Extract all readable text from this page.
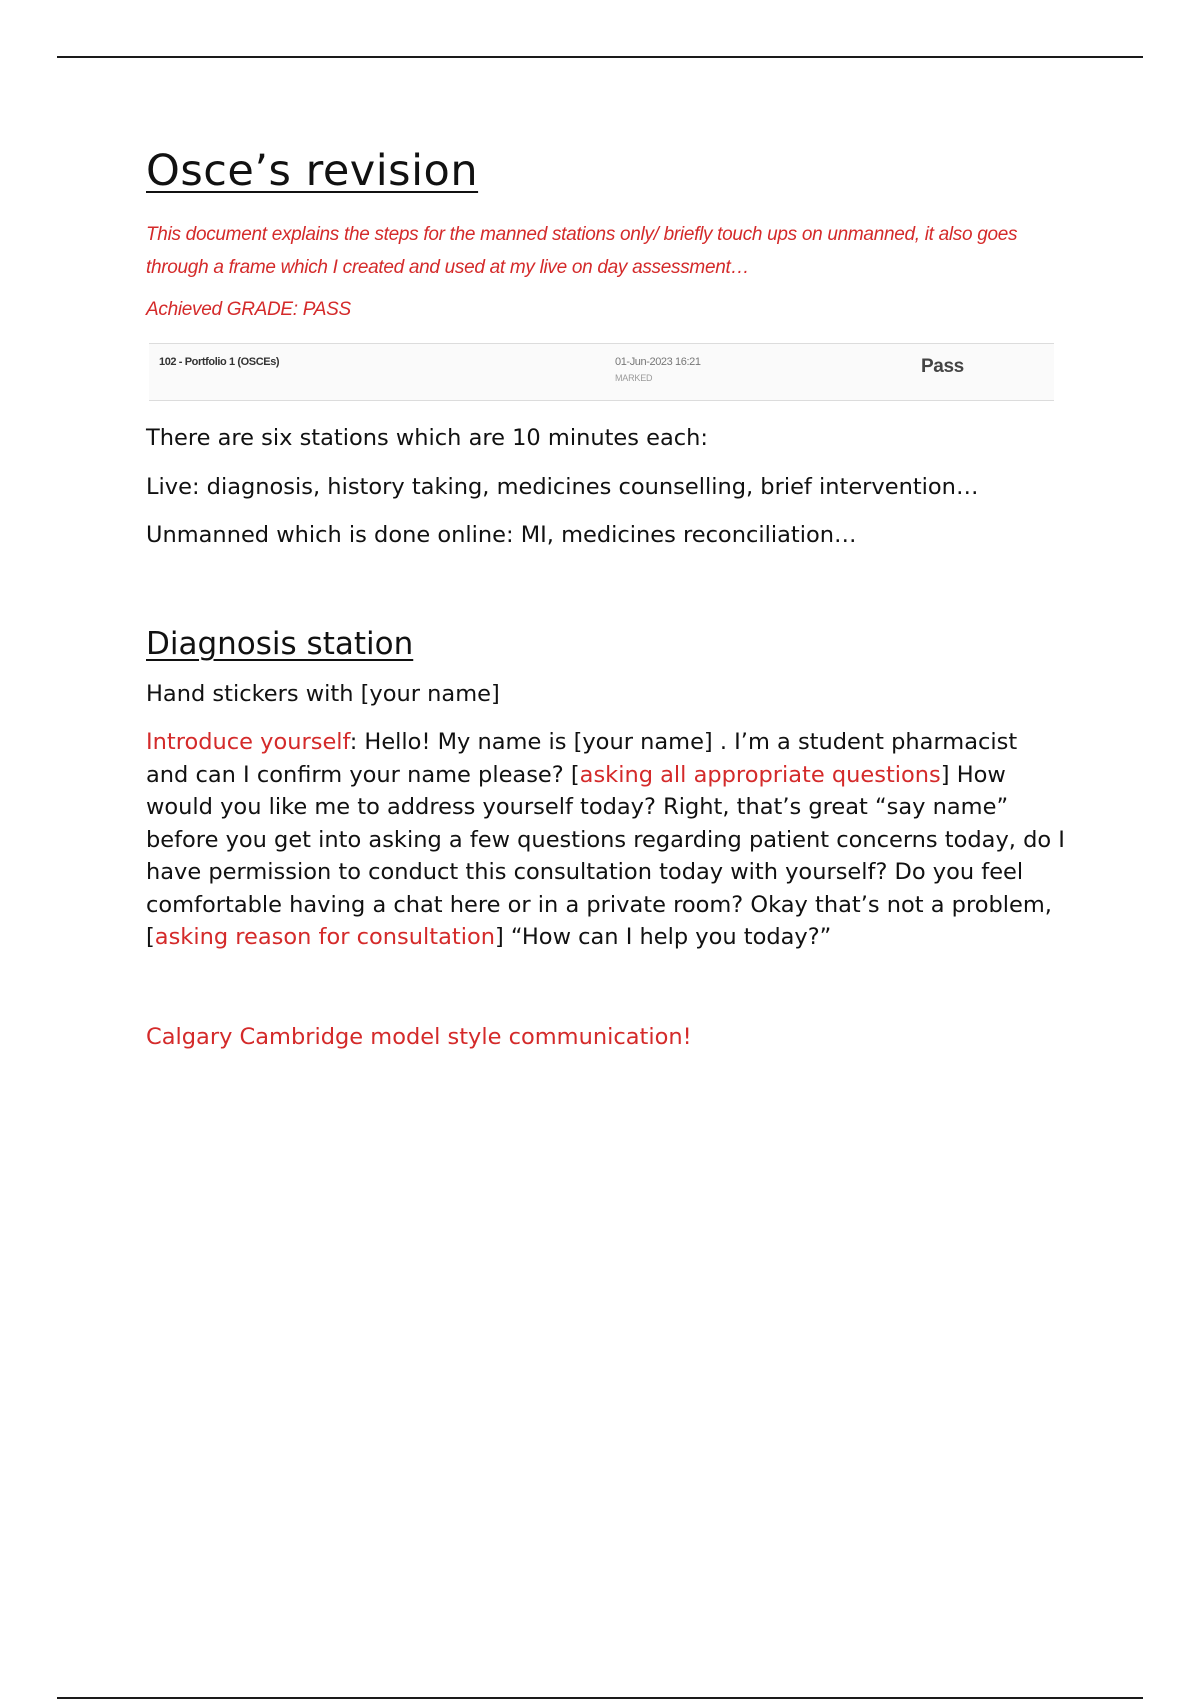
Osce’s revision

This document explains the steps for the manned stations only/ briefly touch ups on unmanned, it also goes through a frame which I created and used at my live on day assessment…

Achieved GRADE: PASS

102 - Portfolio 1 (OSCEs)	01-Jun-2023 16:21
MARKED
Pass

There are six stations which are 10 minutes each:

Live: diagnosis, history taking, medicines counselling, brief intervention…

Unmanned which is done online: MI, medicines reconciliation…

Diagnosis station

Hand stickers with [your name]

Introduce yourself: Hello! My name is [your name] . I’m a student pharmacist and can I confirm your name please? [asking all appropriate questions] How would you like me to address yourself today? Right, that’s great “say name” before you get into asking a few questions regarding patient concerns today, do I have permission to conduct this consultation today with yourself? Do you feel comfortable having a chat here or in a private room? Okay that’s not a problem, [asking reason for consultation] “How can I help you today?”

Calgary Cambridge model style communication!
